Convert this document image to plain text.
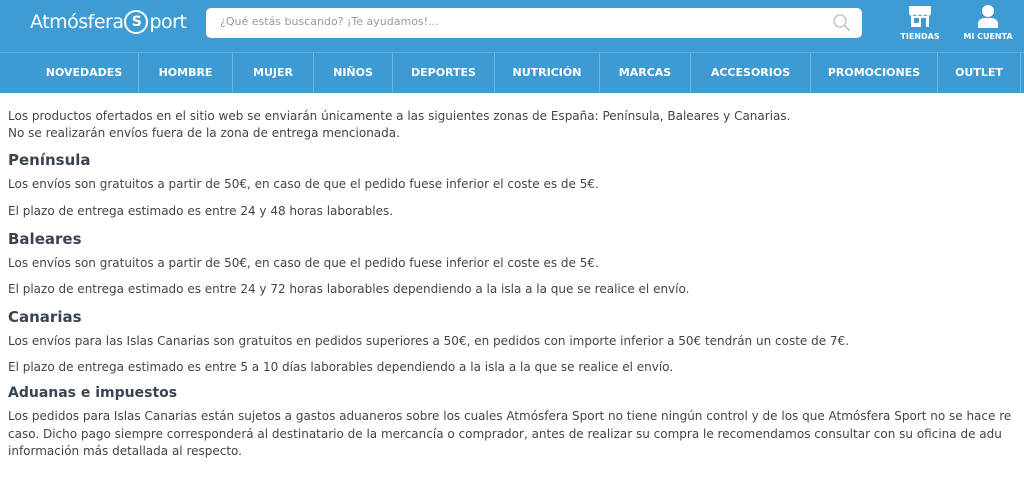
Atmósfera S port
¿Qué estás buscando? ¡Te ayudamos!...
TIENDAS	MI CUENTA
NOVEDADES	HOMBRE	MUJER	NIÑOS	DEPORTES	NUTRICIÓN	MARCAS	ACCESORIOS	PROMOCIONES	OUTLET
Los productos ofertados en el sitio web se enviarán únicamente a las siguientes zonas de España: Península, Baleares y Canarias.
No se realizarán envíos fuera de la zona de entrega mencionada.
Península
Los envíos son gratuitos a partir de 50€, en caso de que el pedido fuese inferior el coste es de 5€.
El plazo de entrega estimado es entre 24 y 48 horas laborables.
Baleares
Los envíos son gratuitos a partir de 50€, en caso de que el pedido fuese inferior el coste es de 5€.
El plazo de entrega estimado es entre 24 y 72 horas laborables dependiendo a la isla a la que se realice el envío.
Canarias
Los envíos para las Islas Canarias son gratuitos en pedidos superiores a 50€, en pedidos con importe inferior a 50€ tendrán un coste de 7€.
El plazo de entrega estimado es entre 5 a 10 días laborables dependiendo a la isla a la que se realice el envío.
Aduanas e impuestos
Los pedidos para Islas Canarias están sujetos a gastos aduaneros sobre los cuales Atmósfera Sport no tiene ningún control y de los que Atmósfera Sport no se hace re
caso. Dicho pago siempre corresponderá al destinatario de la mercancía o comprador, antes de realizar su compra le recomendamos consultar con su oficina de adu
información más detallada al respecto.
